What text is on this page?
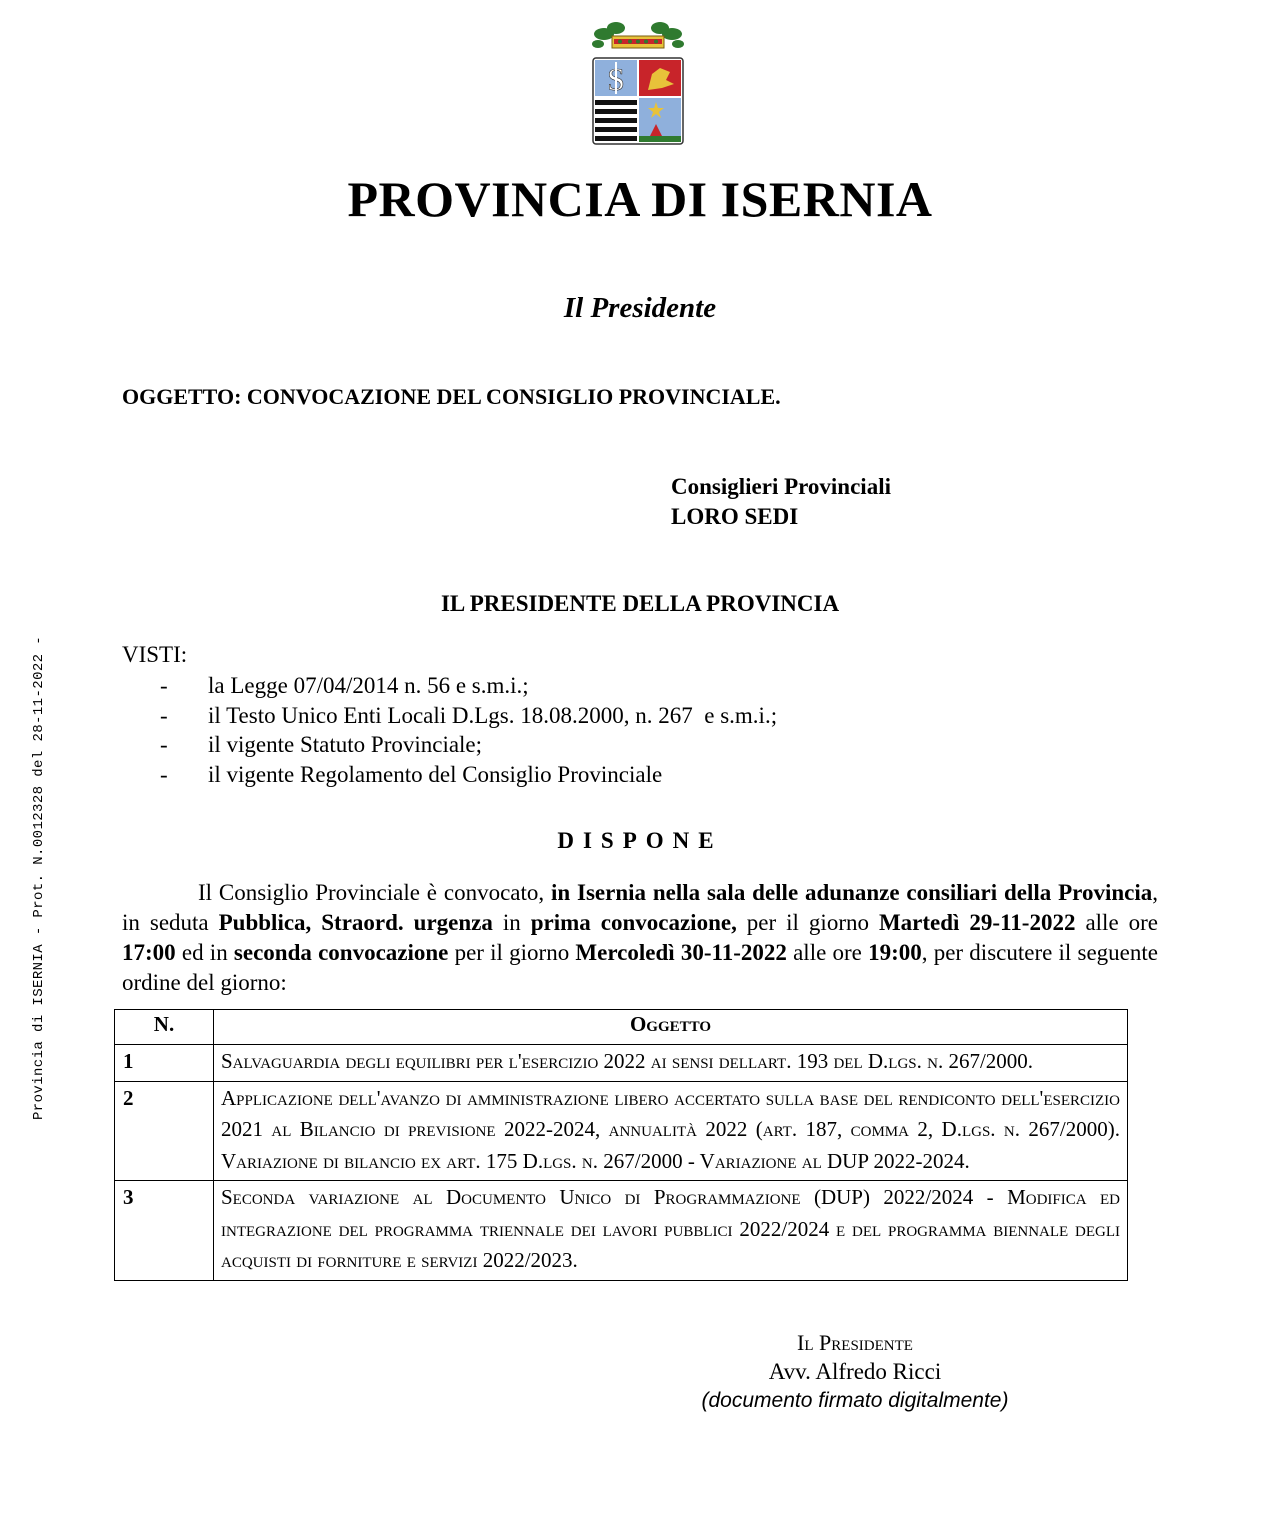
Provincia di ISERNIA - Prot. N.0012328 del 28-11-2022 -
S
PROVINCIA DI ISERNIA
Il Presidente
OGGETTO: CONVOCAZIONE DEL CONSIGLIO PROVINCIALE.
Consiglieri Provinciali
LORO SEDI
IL PRESIDENTE DELLA PROVINCIA
VISTI:
-	la Legge 07/04/2014 n. 56 e s.m.i.;
-	il Testo Unico Enti Locali D.Lgs. 18.08.2000, n. 267  e s.m.i.;
-	il vigente Statuto Provinciale;
-	il vigente Regolamento del Consiglio Provinciale
DISPONE

Il Consiglio Provinciale è convocato, in Isernia nella sala delle adunanze consiliari della Provincia, in seduta Pubblica, Straord. urgenza in prima convocazione, per il giorno Martedì 29-11-2022 alle ore 17:00 ed in seconda convocazione per il giorno Mercoledì 30-11-2022 alle ore 19:00, per discutere il seguente ordine del giorno:

N.	Oggetto
1	Salvaguardia degli equilibri per l'esercizio 2022 ai sensi dellart. 193 del D.lgs. n. 267/2000.
2	Applicazione dell'avanzo di amministrazione libero accertato sulla base del rendiconto dell'esercizio 2021 al Bilancio di previsione 2022-2024, annualità 2022 (art. 187, comma 2, D.lgs. n. 267/2000). Variazione di bilancio ex art. 175 D.lgs. n. 267/2000 - Variazione al DUP 2022-2024.
3	Seconda variazione al Documento Unico di Programmazione (DUP) 2022/2024 - Modifica ed integrazione del programma triennale dei lavori pubblici 2022/2024 e del programma biennale degli acquisti di forniture e servizi 2022/2023.
Il Presidente
Avv. Alfredo Ricci
(documento firmato digitalmente)
